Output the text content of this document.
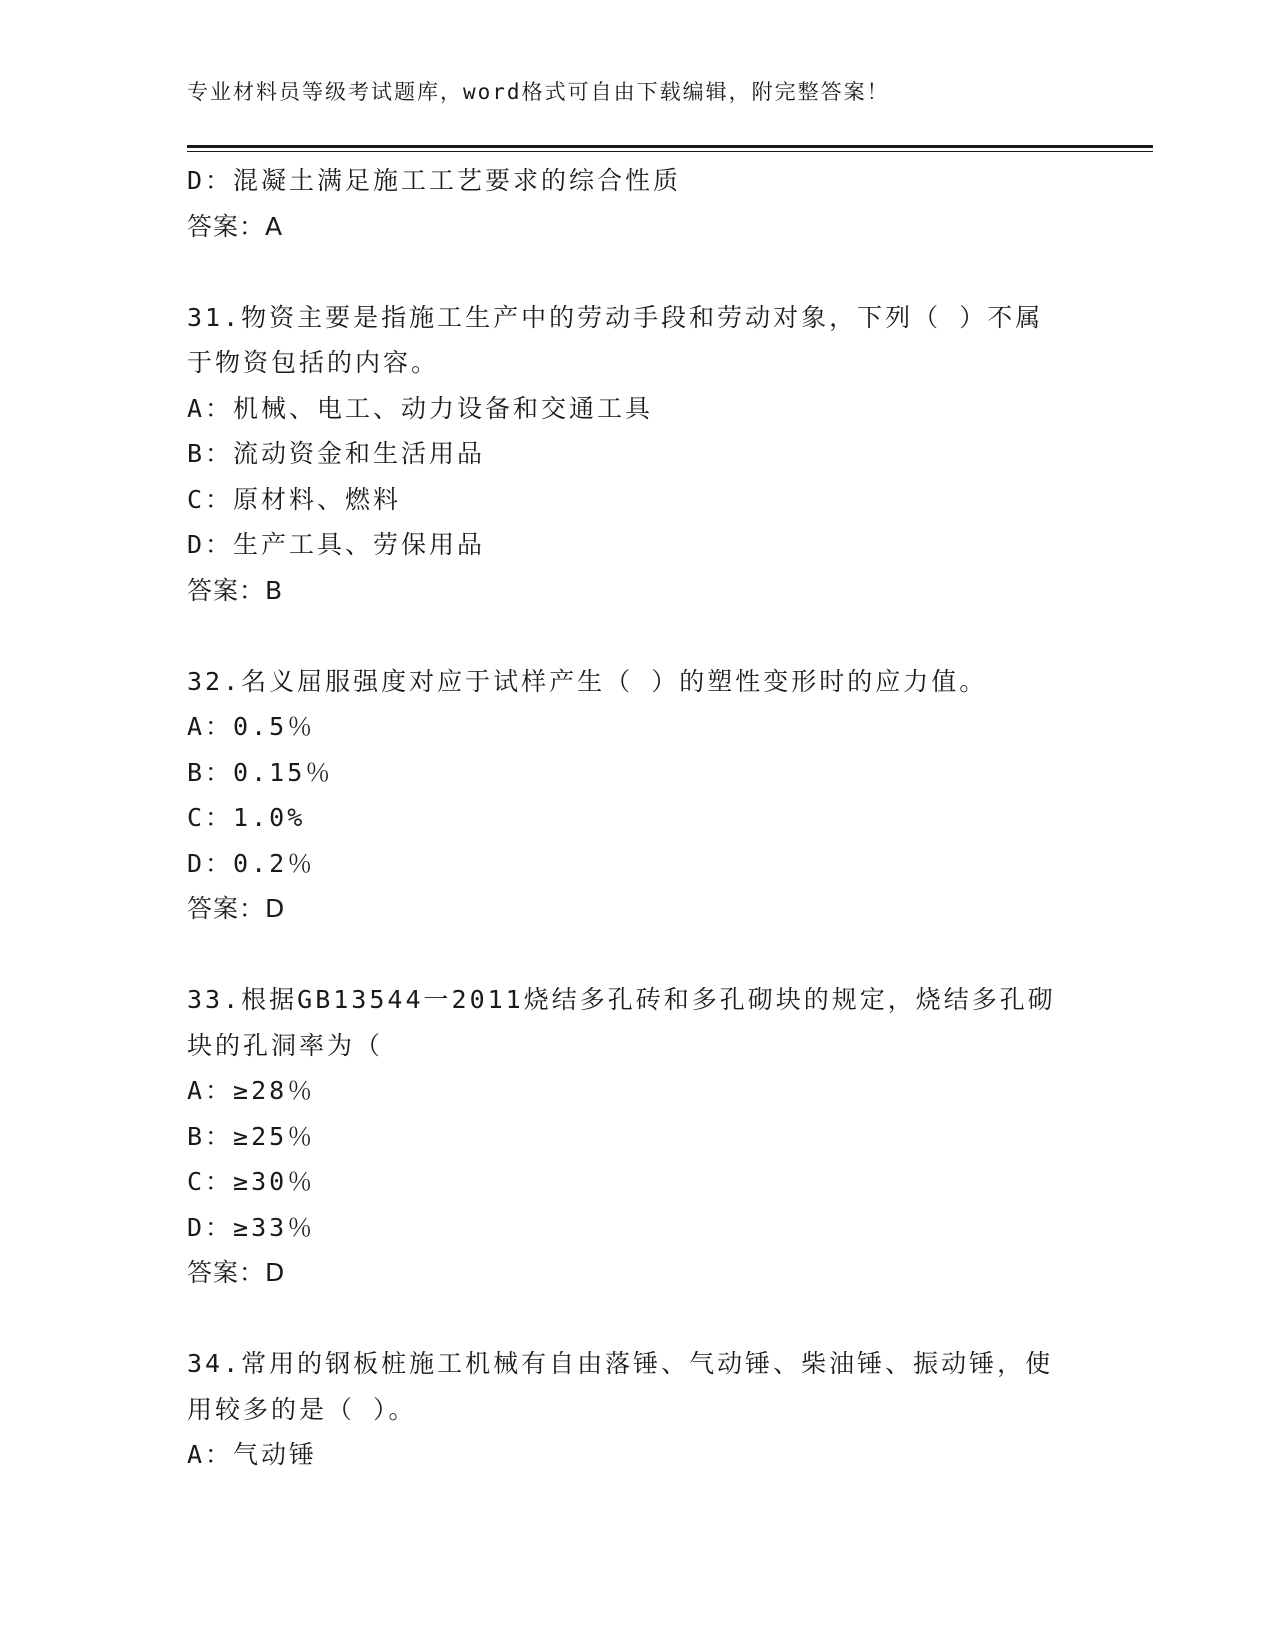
专业材料员等级考试题库，word格式可自由下载编辑，附完整答案！
D：混凝土满足施工工艺要求的综合性质
答案：A
31.物资主要是指施工生产中的劳动手段和劳动对象，下列（ ）不属
于物资包括的内容。
A：机械、电工、动力设备和交通工具
B：流动资金和生活用品
C：原材料、燃料
D：生产工具、劳保用品
答案：B
32.名义屈服强度对应于试样产生（ ）的塑性变形时的应力值。
A：0.5％
B：0.15％
C：1.0%
D：0.2％
答案：D
33.根据GB13544一2011烧结多孔砖和多孔砌块的规定，烧结多孔砌
块的孔洞率为（
A：≥28％
B：≥25％
C：≥30％
D：≥33％
答案：D
34.常用的钢板桩施工机械有自由落锤、气动锤、柴油锤、振动锤，使
用较多的是（ ）。
A：气动锤
